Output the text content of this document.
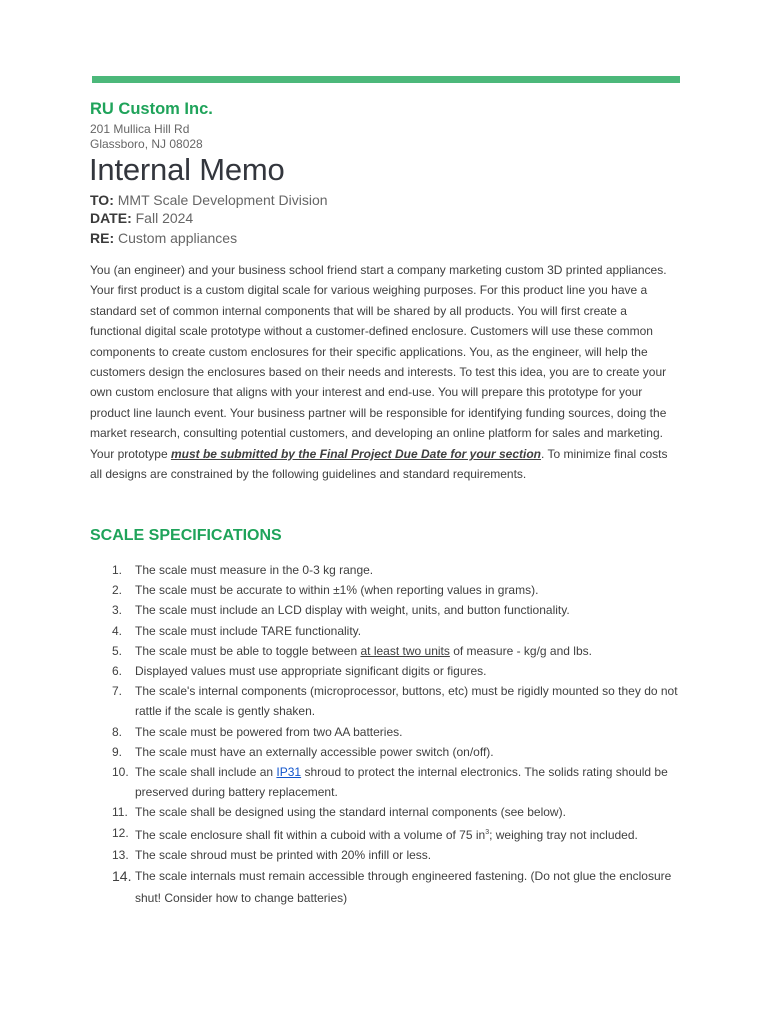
RU Custom Inc.
201 Mullica Hill Rd
Glassboro, NJ 08028
Internal Memo
TO: MMT Scale Development Division
DATE: Fall 2024
RE: Custom appliances
You (an engineer) and your business school friend start a company marketing custom 3D printed appliances. Your first product is a custom digital scale for various weighing purposes. For this product line you have a standard set of common internal components that will be shared by all products. You will first create a functional digital scale prototype without a customer-defined enclosure. Customers will use these common components to create custom enclosures for their specific applications. You, as the engineer, will help the customers design the enclosures based on their needs and interests. To test this idea, you are to create your own custom enclosure that aligns with your interest and end-use. You will prepare this prototype for your product line launch event. Your business partner will be responsible for identifying funding sources, doing the market research, consulting potential customers, and developing an online platform for sales and marketing. Your prototype must be submitted by the Final Project Due Date for your section. To minimize final costs all designs are constrained by the following guidelines and standard requirements.
SCALE SPECIFICATIONS
1.	The scale must measure in the 0-3 kg range.
2.	The scale must be accurate to within ±1% (when reporting values in grams).
3.	The scale must include an LCD display with weight, units, and button functionality.
4.	The scale must include TARE functionality.
5.	The scale must be able to toggle between at least two units of measure - kg/g and lbs.
6.	Displayed values must use appropriate significant digits or figures.
7.	The scale's internal components (microprocessor, buttons, etc) must be rigidly mounted so they do not rattle if the scale is gently shaken.
8.	The scale must be powered from two AA batteries.
9.	The scale must have an externally accessible power switch (on/off).
10. The scale shall include an IP31 shroud to protect the internal electronics. The solids rating should be preserved during battery replacement.
11. The scale shall be designed using the standard internal components (see below).
12. The scale enclosure shall fit within a cuboid with a volume of 75 $in^3$; weighing tray not included.
13. The scale shroud must be printed with 20% infill or less.
14. The scale internals must remain accessible through engineered fastening. (Do not glue the enclosure shut! Consider how to change batteries)
